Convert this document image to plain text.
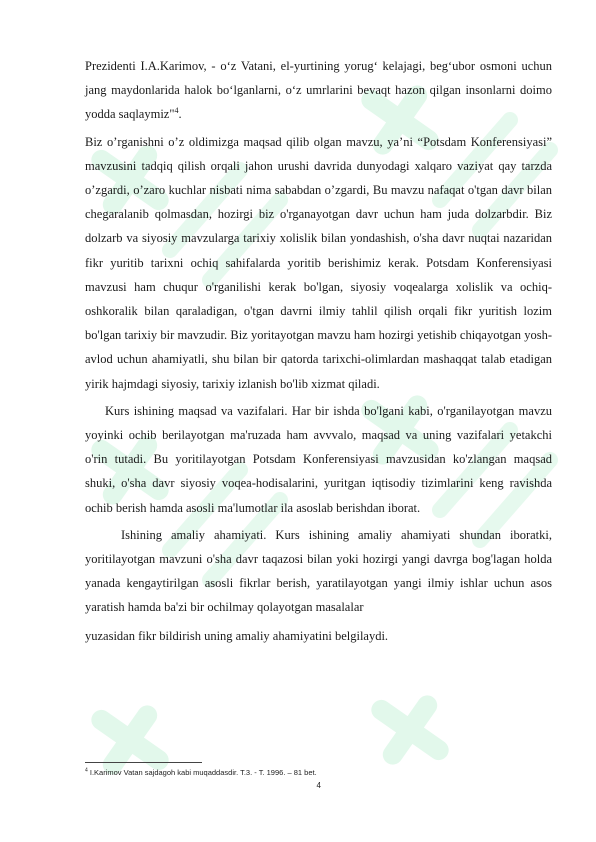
Prezidenti I.A.Karimov, - o‘z Vatani, el-yurtining yorug‘ kelajagi, beg‘ubor osmoni uchun jang maydonlarida halok bo‘lganlarni, o‘z umrlarini bevaqt hazon qilgan insonlarni doimo yodda saqlaymiz"$^4$.

Biz o’rganishni o’z oldimizga maqsad qilib olgan mavzu, ya’ni “Potsdam Konferensiyasi” mavzusini tadqiq qilish orqali jahon urushi davrida dunyodagi xalqaro vaziyat qay tarzda o’zgardi, o’zaro kuchlar nisbati nima sababdan o’zgardi, Bu mavzu nafaqat o'tgan davr bilan chegaralanib qolmasdan, hozirgi biz o'rganayotgan davr uchun ham juda dolzarbdir. Biz dolzarb va siyosiy mavzularga tarixiy xolislik bilan yondashish, o'sha davr nuqtai nazaridan fikr yuritib tarixni ochiq sahifalarda yoritib berishimiz kerak. Potsdam Konferensiyasi mavzusi ham chuqur o'rganilishi kerak bo'lgan, siyosiy voqealarga xolislik va ochiq-oshkoralik bilan qaraladigan, o'tgan davrni ilmiy tahlil qilish orqali fikr yuritish lozim bo'lgan tarixiy bir mavzudir. Biz yoritayotgan mavzu ham hozirgi yetishib chiqayotgan yosh-avlod uchun ahamiyatli, shu bilan bir qatorda tarixchi-olimlardan mashaqqat talab etadigan yirik hajmdagi siyosiy, tarixiy izlanish bo'lib xizmat qiladi.

Kurs ishining maqsad va vazifalari. Har bir ishda bo'lgani kabi, o'rganilayotgan mavzu yoyinki ochib berilayotgan ma'ruzada ham avvvalo, maqsad va uning vazifalari yetakchi o'rin tutadi. Bu yoritilayotgan Potsdam Konferensiyasi mavzusidan ko'zlangan maqsad shuki, o'sha davr siyosiy voqea-hodisalarini, yuritgan iqtisodiy tizimlarini keng ravishda ochib berish hamda asosli ma'lumotlar ila asoslab berishdan iborat.

Ishining amaliy ahamiyati. Kurs ishining amaliy ahamiyati shundan iboratki, yoritilayotgan mavzuni o'sha davr taqazosi bilan yoki hozirgi yangi davrga bog'lagan holda yanada kengaytirilgan asosli fikrlar berish, yaratilayotgan yangi ilmiy ishlar uchun asos yaratish hamda ba'zi bir ochilmay qolayotgan masalalar

yuzasidan fikr bildirish uning amaliy ahamiyatini belgilaydi.

$^4$ I.Karimov Vatan sajdagoh kabi muqaddasdir. T.3. - T. 1996. – 81 bet.
4
